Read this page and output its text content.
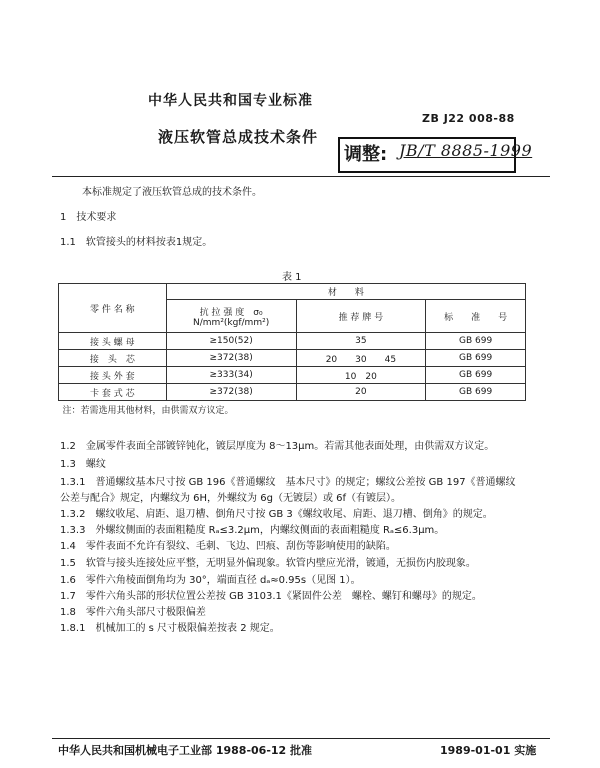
中华人民共和国专业标准
ZB J22 008-88
液压软管总成技术条件
调整: JB/T 8885-1999
本标准规定了液压软管总成的技术条件。
1　技术要求
1.1　软管接头的材料按表1规定。
表 1
零 件 名 称	材　　料		

	抗 拉 强 度　σ₀
N/mm²(kgf/mm²)	推 荐 牌 号	标　　准　　号
接 头 螺 母	≥150(52)	35	GB 699
接　头　芯	≥372(38)	20　　30　　45	GB 699
接 头 外 套	≥333(34)	10　20	GB 699
卡 套 式 芯	≥372(38)	20	GB 699
注：若需选用其他材料，由供需双方议定。			
1.2　金属零件表面全部镀锌钝化，镀层厚度为 8～13μm。若需其他表面处理，由供需双方议定。
1.3　螺纹
1.3.1　普通螺纹基本尺寸按 GB 196《普通螺纹　基本尺寸》的规定；螺纹公差按 GB 197《普通螺纹
公差与配合》规定，内螺纹为 6H，外螺纹为 6g（无镀层）或 6f（有镀层）。
1.3.2　螺纹收尾、肩距、退刀槽、倒角尺寸按 GB 3《螺纹收尾、肩距、退刀槽、倒角》的规定。
1.3.3　外螺纹侧面的表面粗糙度 Rₐ≤3.2μm，内螺纹侧面的表面粗糙度 Rₐ≤6.3μm。
1.4　零件表面不允许有裂纹、毛刺、飞边、凹痕、刮伤等影响使用的缺陷。
1.5　软管与接头连接处应平整，无明显外偏现象。软管内壁应光滑，镀通，无损伤内胶现象。
1.6　零件六角棱面倒角均为 30°，端面直径 dₐ≈0.95s（见图 1）。
1.7　零件六角头部的形状位置公差按 GB 3103.1《紧固件公差　螺栓、螺钉和螺母》的规定。
1.8　零件六角头部尺寸极限偏差
1.8.1　机械加工的 s 尺寸极限偏差按表 2 规定。
中华人民共和国机械电子工业部 1988-06-12 批准	1989-01-01 实施
